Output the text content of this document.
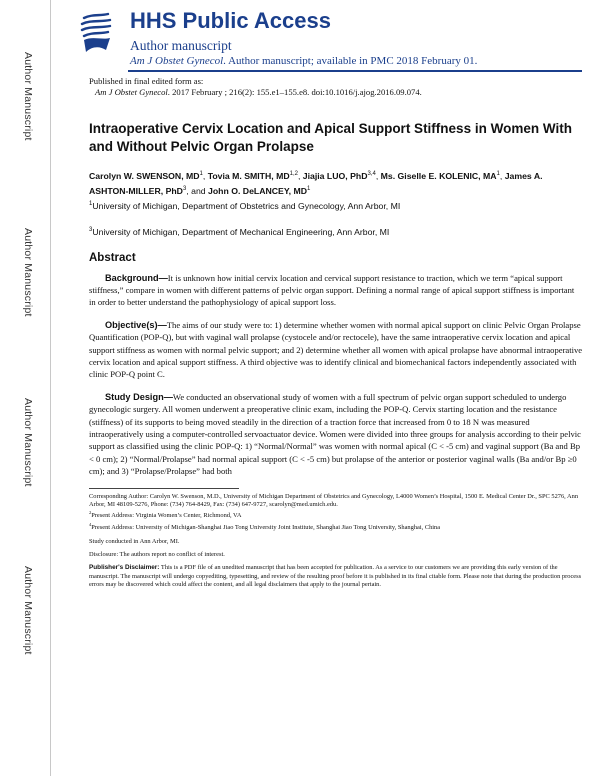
Author Manuscript
Author Manuscript
Author Manuscript
Author Manuscript
HHS Public Access
Author manuscript
Am J Obstet Gynecol. Author manuscript; available in PMC 2018 February 01.

Published in final edited form as:

Am J Obstet Gynecol. 2017 February ; 216(2): 155.e1–155.e8. doi:10.1016/j.ajog.2016.09.074.

Intraoperative Cervix Location and Apical Support Stiffness in Women With and Without Pelvic Organ Prolapse

Carolyn W. SWENSON, $MD^1$, Tovia M. SMITH, MD$^{1,2}$, Jiajia LUO, PhD$^{3,4}$, Ms. Giselle E. KOLENIC, $MA^1$, James A. ASHTON-MILLER, PhD$^3$, and John O. DeLANCEY, $MD^1$

$^1$University of Michigan, Department of Obstetrics and Gynecology, Ann Arbor, MI

$^3$University of Michigan, Department of Mechanical Engineering, Ann Arbor, MI

Abstract

Background—It is unknown how initial cervix location and cervical support resistance to traction, which we term “apical support stiffness,” compare in women with different patterns of pelvic organ support. Defining a normal range of apical support stiffness is important in order to better understand the pathophysiology of apical support loss.

Objective(s)—The aims of our study were to: 1) determine whether women with normal apical support on clinic Pelvic Organ Prolapse Quantification (POP-Q), but with vaginal wall prolapse (cystocele and/or rectocele), have the same intraoperative cervix location and apical support stiffness as women with normal pelvic support; and 2) determine whether all women with apical prolapse have abnormal intraoperative cervix location and apical support stiffness. A third objective was to identify clinical and biomechanical factors independently associated with clinic POP-Q point C.

Study Design—We conducted an observational study of women with a full spectrum of pelvic organ support scheduled to undergo gynecologic surgery. All women underwent a preoperative clinic exam, including the POP-Q. Cervix starting location and the resistance (stiffness) of its supports to being moved steadily in the direction of a traction force that increased from 0 to 18 N was measured intraoperatively using a computer-controlled servoactuator device. Women were divided into three groups for analysis according to their pelvic support as classified using the clinic POP-Q: 1) “Normal/Normal” was women with normal apical (C < -5 cm) and vaginal support (Ba and Bp < 0 cm); 2) “Normal/Prolapse” had normal apical support (C < -5 cm) but prolapse of the anterior or posterior vaginal walls (Ba and/or Bp ≥0 cm); and 3) “Prolapse/Prolapse” had both

Corresponding Author: Carolyn W. Swenson, M.D., University of Michigan Department of Obstetrics and Gynecology, L4000 Women’s Hospital, 1500 E. Medical Center Dr., SPC 5276, Ann Arbor, MI 48109-5276, Phone: (734) 764-8429, Fax: (734) 647-9727, scarolyn@med.umich.edu.

$^2$Present Address: Virginia Women’s Center, Richmond, VA

$^4$Present Address: University of Michigan-Shanghai Jiao Tong University Joint Institute, Shanghai Jiao Tong University, Shanghai, China

Study conducted in Ann Arbor, MI.

Disclosure: The authors report no conflict of interest.

Publisher's Disclaimer: This is a PDF file of an unedited manuscript that has been accepted for publication. As a service to our customers we are providing this early version of the manuscript. The manuscript will undergo copyediting, typesetting, and review of the resulting proof before it is published in its final citable form. Please note that during the production process errors may be discovered which could affect the content, and all legal disclaimers that apply to the journal pertain.
